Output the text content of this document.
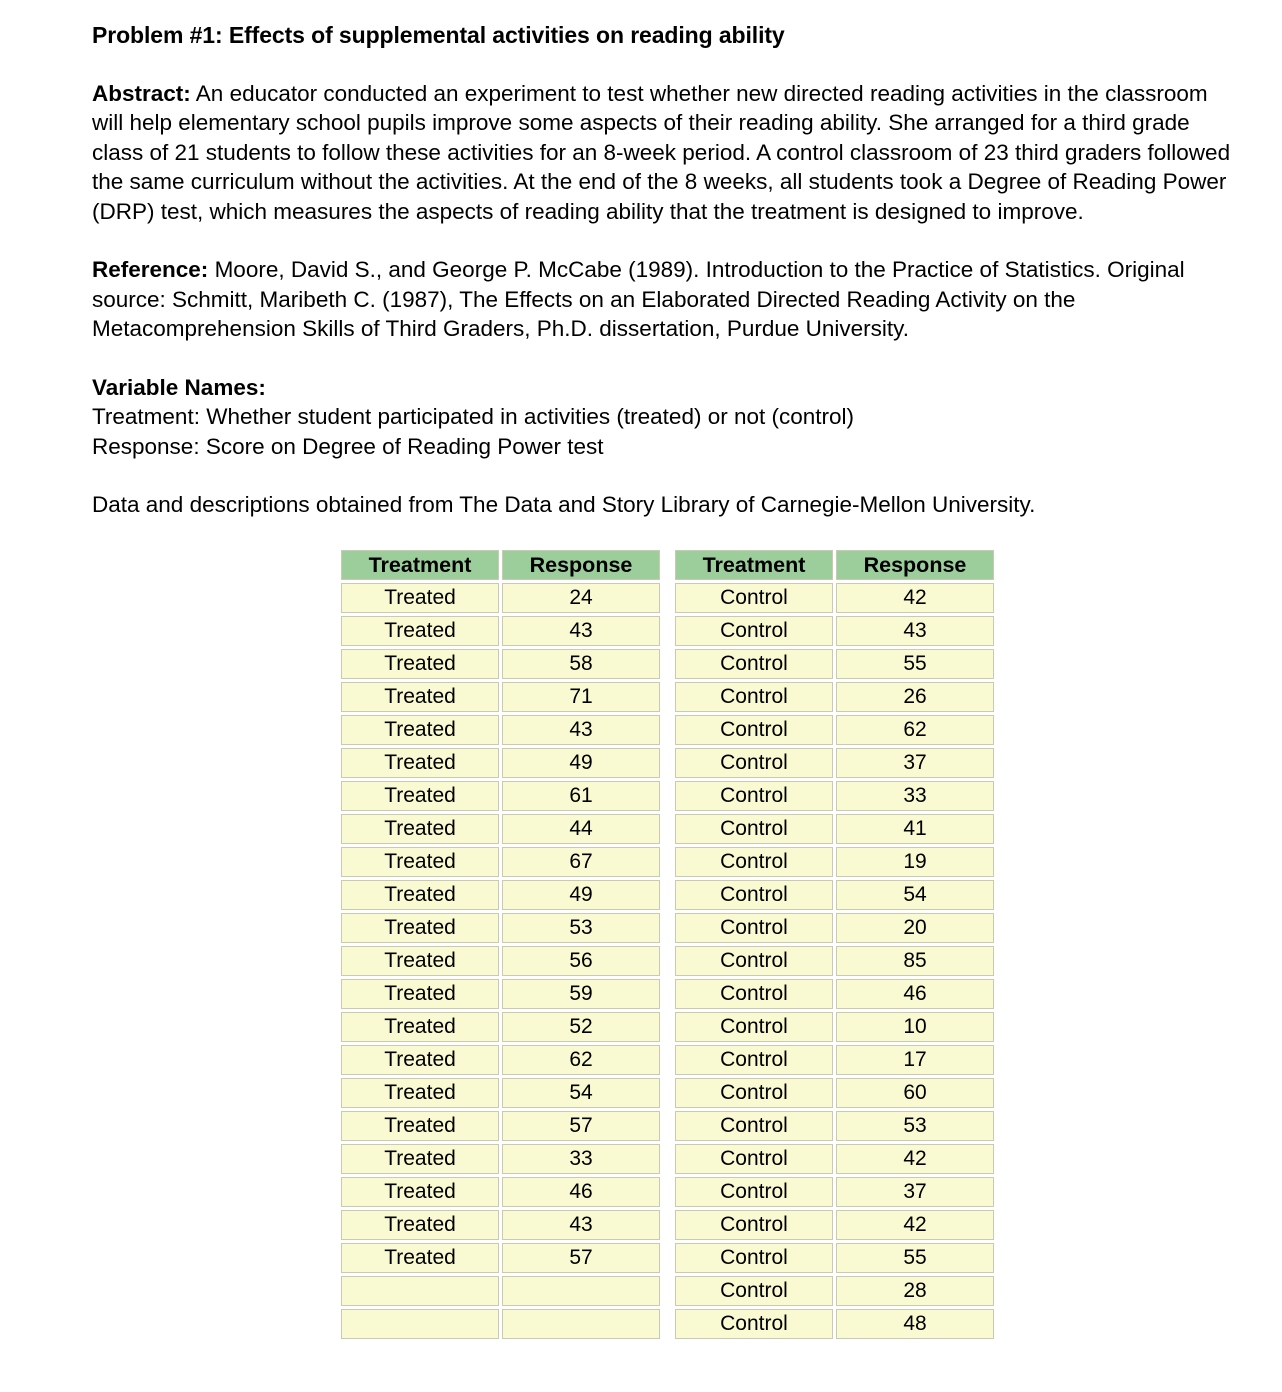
Problem #1: Effects of supplemental activities on reading ability

Abstract: An educator conducted an experiment to test whether new directed reading activities in the classroom will help elementary school pupils improve some aspects of their reading ability. She arranged for a third grade class of 21 students to follow these activities for an 8-week period. A control classroom of 23 third graders followed the same curriculum without the activities. At the end of the 8 weeks, all students took a Degree of Reading Power (DRP) test, which measures the aspects of reading ability that the treatment is designed to improve.

Reference: Moore, David S., and George P. McCabe (1989). Introduction to the Practice of Statistics. Original source: Schmitt, Maribeth C. (1987), The Effects on an Elaborated Directed Reading Activity on the Metacomprehension Skills of Third Graders, Ph.D. dissertation, Purdue University.

Variable Names:

Treatment: Whether student participated in activities (treated) or not (control)

Response: Score on Degree of Reading Power test

Data and descriptions obtained from The Data and Story Library of Carnegie-Mellon University.

Treatment	Response		Treatment	Response
Treated	24		Control	42
Treated	43		Control	43
Treated	58		Control	55
Treated	71		Control	26
Treated	43		Control	62
Treated	49		Control	37
Treated	61		Control	33
Treated	44		Control	41
Treated	67		Control	19
Treated	49		Control	54
Treated	53		Control	20
Treated	56		Control	85
Treated	59		Control	46
Treated	52		Control	10
Treated	62		Control	17
Treated	54		Control	60
Treated	57		Control	53
Treated	33		Control	42
Treated	46		Control	37
Treated	43		Control	42
Treated	57		Control	55
			Control	28
			Control	48
